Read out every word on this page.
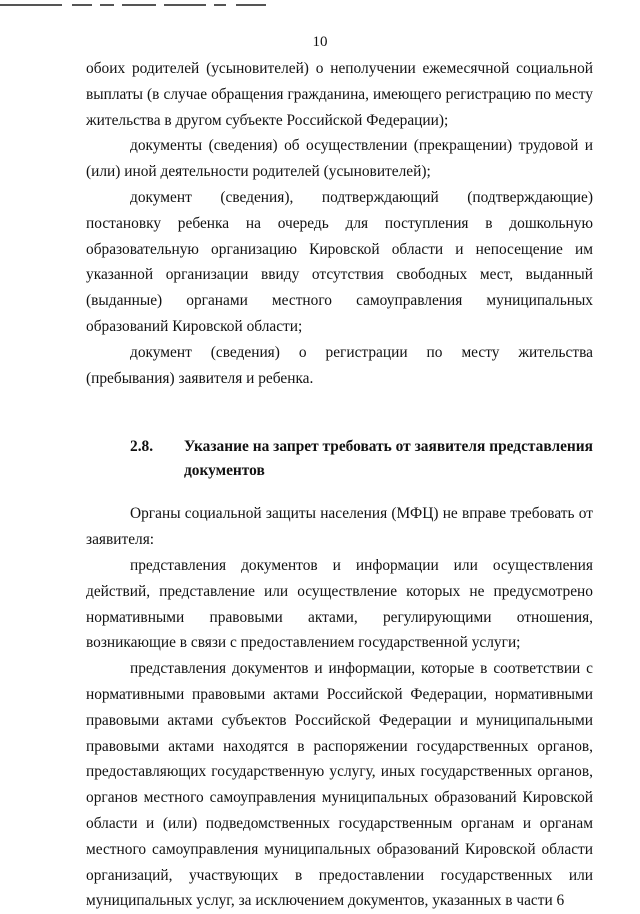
10

обоих родителей (усыновителей) о неполучении ежемесячной социальной выплаты (в случае обращения гражданина, имеющего регистрацию по месту жительства в другом субъекте Российской Федерации);

документы (сведения) об осуществлении (прекращении) трудовой и (или) иной деятельности родителей (усыновителей);

документ (сведения), подтверждающий (подтверждающие) постановку ребенка на очередь для поступления в дошкольную образовательную организацию Кировской области и непосещение им указанной организации ввиду отсутствия свободных мест, выданный (выданные) органами местного самоуправления муниципальных образований Кировской области;

документ (сведения) о регистрации по месту жительства (пребывания) заявителя и ребенка.

2.8.	Указание на запрет требовать от заявителя представления документов

Органы социальной защиты населения (МФЦ) не вправе требовать от заявителя:

представления документов и информации или осуществления действий, представление или осуществление которых не предусмотрено нормативными правовыми актами, регулирующими отношения, возникающие в связи с предоставлением государственной услуги;

представления документов и информации, которые в соответствии с нормативными правовыми актами Российской Федерации, нормативными правовыми актами субъектов Российской Федерации и муниципальными правовыми актами находятся в распоряжении государственных органов, предоставляющих государственную услугу, иных государственных органов, органов местного самоуправления муниципальных образований Кировской области и (или) подведомственных государственным органам и органам местного самоуправления муниципальных образований Кировской области организаций, участвующих в предоставлении государственных или муниципальных услуг, за исключением документов, указанных в части 6
